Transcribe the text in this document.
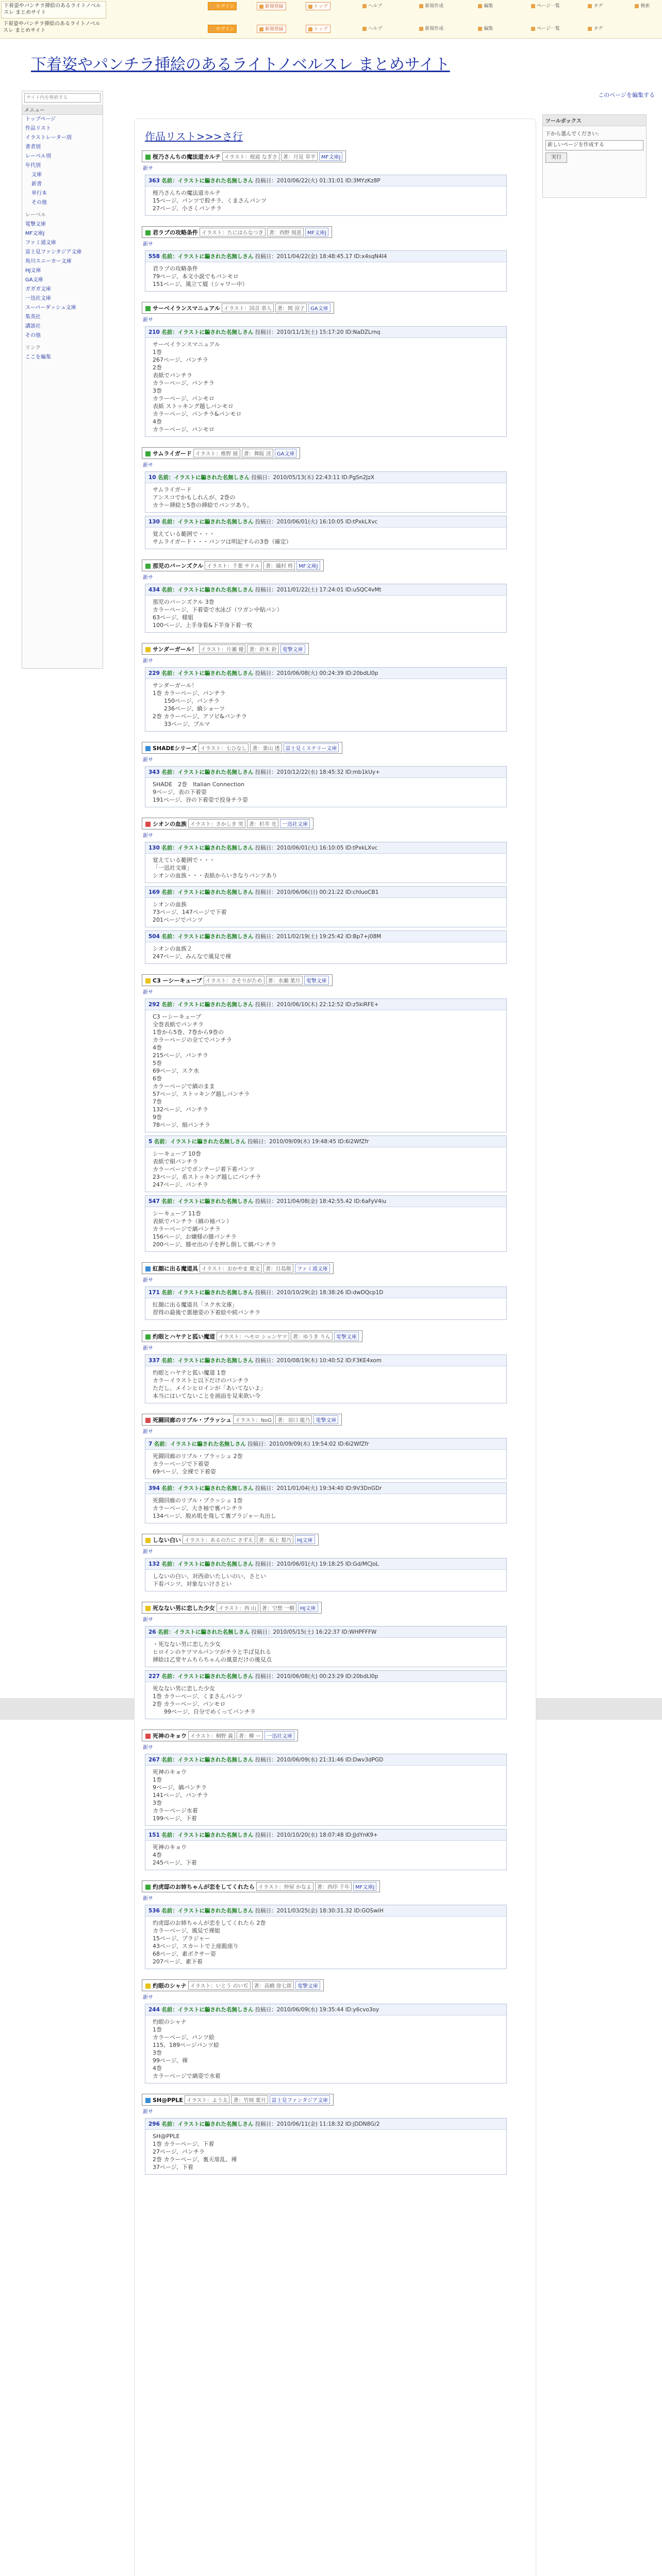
下着姿やパンチラ挿絵のあるライトノベルスレ まとめサイト
下着姿やパンチラ挿絵のあるライトノベルスレ まとめサイト
ログイン	新規登録	トップ	ヘルプ	新規作成	編集	ページ一覧	タグ	検索
ログイン	新規登録	トップ	ヘルプ	新規作成	編集	ページ一覧	タグ
下着姿やパンチラ挿絵のあるライトノベルスレ まとめサイト
このページを編集する
サイト内を検索する
メニュー
トップページ
作品リスト
イラストレーター別
著者別
レーベル別
年代別
文庫
新書
単行本
その他
レーベル
電撃文庫
MF文庫J
ファミ通文庫
富士見ファンタジア文庫
角川スニーカー文庫
HJ文庫
GA文庫
ガガガ文庫
一迅社文庫
スーパーダッシュ文庫
集英社
講談社
その他
リンク
ここを編集
ツールボックス
下から選んでください:
新しいページを作成する
実行
作品リスト>>>さ行
桜乃さんちの魔法道カルテ イラスト：桜庭 なぎさ 著：月見 草平 MF文庫J
新サ
363 名前：イラストに騙された名無しさん 投稿日：2010/06/22(火) 01:31:01 ID:3MYzKz8P
桜乃さんちの魔法道カルテ
15ページ、パンツで股チラ、くまさんパンツ
27ページ、小さくパンチラ
君ラブの攻略条件 イラスト：たにはらなつき 著：西野 規恵 MF文庫J
新サ
558 名前：イラストに騙された名無しさん 投稿日：2011/04/22(金) 18:48:45.17 ID:x4sqN4I4
君ラブの攻略条件
79ページ、本文小説でもパンモロ
151ページ、風立て縦（シャワー中）
サーベイランスマニュアル イラスト：国音 恭人 著：関 涼子 GA文庫
新サ
210 名前：イラストに騙された名無しさん 投稿日：2010/11/13(土) 15:17:20 ID:NaDZLrnq
サーベイランスマニュアル
1巻
267ページ、パンチラ
2巻
表紙でパンチラ
カラーページ、パンチラ
3巻
カラーページ、パンモロ
表紙 ストッキング越しパンモロ
カラーページ、パンチラ&パンモロ
4巻
カラーページ、パンモロ
サムライガード イラスト：椎野 綾 著：舞阪 洸 GA文庫
新サ
10 名前：イラストに騙された名無しさん 投稿日：2010/05/13(木) 22:43:11 ID:PgSn2JzX
サムライガード
アンスコでかもしれんが、2巻の
カラー挿絵と5巻の挿絵でパンツあり。
130 名前：イラストに騙された名無しさん 投稿日：2010/06/01(火) 16:10:05 ID:tPxkLXvc
覚えている範囲で・・・
サムライガード・・・パンツは明記すらの3巻（確定）
那児のバーンズクル イラスト：千葉 サドル 著：織村 柊 MF文庫J
新サ
434 名前：イラストに騙された名無しさん 投稿日：2011/01/22(土) 17:24:01 ID:uSQC4vMt
那児のバーンズクル 3巻
カラーページ、下着姿で水泳び（ワガン中貼パン）
63ページ、様姐
100ページ、上手身看&下半身下着一枚
サンダーガール！ イラスト：片瀬 優 著：鈴木 鈴 電撃文庫
新サ
229 名前：イラストに騙された名無しさん 投稿日：2010/06/08(火) 00:24:39 ID:20bdLl0p
サンダーガール！
1巻 カラーページ、パンチラ
　　150ページ、パンチラ
　　236ページ、縞ショーツ
2巻 カラーページ、アソビ&パンチラ
　　33ページ、ブルマ
SHADEシリーズ イラスト：七ひなし 著：葉山 透 富士見ミステリー文庫
新サ
343 名前：イラストに騙された名無しさん 投稿日：2010/12/22(水) 18:45:32 ID:mb1kUy+
SHADE　2巻　Italian Connection
9ページ、表の下着姿
191ページ、谷の下着姿で投身チラ姿
シオンの血族 イラスト：さかしき 男 著：杉井 光 一迅社文庫
新サ
130 名前：イラストに騙された名無しさん 投稿日：2010/06/01(火) 16:10:05 ID:tPxkLXvc
覚えている範囲で・・・
「一迅社文庫」
シオンの血族・・・表紙からいきなりパンツあり
169 名前：イラストに騙された名無しさん 投稿日：2010/06/06(日) 00:21:22 ID:chIuoCB1
シオンの血族
73ページ、147ページで下着
201ページでパンツ
504 名前：イラストに騙された名無しさん 投稿日：2011/02/19(土) 19:25:42 ID:Bp7+j08M
シオンの血族２
247ページ、みんなで風見で裸
C3 ーシーキューブ イラスト：さそりがため 著：水瀬 葉月 電撃文庫
新サ
292 名前：イラストに騙された名無しさん 投稿日：2010/06/10(木) 22:12:52 ID:z5kiRFE+
C3 ーシーキューブ
全巻表紙でパンチラ
1巻から5巻、7巻から9巻の
カラーページの全てでパンチラ
4巻
215ページ、パンチラ
5巻
69ページ、スク水
6巻
カラーページで縞のまま
57ページ、ストッキング越しパンチラ
7巻
132ページ、パンチラ
9巻
78ページ、絹パンチラ
5 名前：イラストに騙された名無しさん 投稿日：2010/09/09(木) 19:48:45 ID:6i2WfZfr
シーキューブ 10巻
表紙で絹パンチラ
カラーページでポンテージ着下着パンツ
23ページ、系ストッキング越しにパンチラ
247ページ、パンチラ
547 名前：イラストに騙された名無しさん 投稿日：2011/04/08(金) 18:42:55.42 ID:6aFyV4iu
シーキューブ 11巻
表紙でパンチラ（縞の袖パン）
カラーページで縞パンチラ
156ページ、お嬢様の膝パンチラ
200ページ、膝せ出の子を押し倒して縞パンチラ
紅顔に出る魔道具 イラスト：おかやま 慶文 著：日島敬 ファミ通文庫
新サ
171 名前：イラストに騙された名無しさん 投稿日：2010/10/29(金) 18:38:26 ID:dwDQcp1D
紅顔に出る魔道具「スク水文庫」
習得の最後で悪徳姿の下着絵や続パンチラ
灼眼とハヤテと狐い魔道 イラスト：ヘモロ シュンヤマ 著：ゆうき りん 電撃文庫
新サ
337 名前：イラストに騙された名無しさん 投稿日：2010/08/19(木) 10:40:52 ID:F3KE4xom
灼眼とハヤテと狐い魔道 1巻
カラーイラストと以下だけのパンチラ
ただし、メインヒロインが「あいてないよ」
本当にはいてないことを画面を見来欲い今
死闘回廊のリブル・ブラッシュ イラスト：NoG 著：羽口 龍乃 電撃文庫
新サ
7 名前：イラストに騙された名無しさん 投稿日：2010/09/09(木) 19:54:02 ID:6i2WfZfr
死闘回廊のリブル・ブラッシュ 2巻
カラーページで下着姿
69ページ、全裸で下着姿
394 名前：イラストに騙された名無しさん 投稿日：2011/01/04(火) 19:34:40 ID:9V3DnGDr
死闘回廊のリブル・ブラッシュ 1巻
カラーページ、大き袖で裏パンチラ
134ページ、脱め肌を飛して裏ブラジャー丸出し
しない白い イラスト：あるのたに さずえ 著：坂上 梨乃 HJ文庫
新サ
132 名前：イラストに騙された名無しさん 投稿日：2010/06/01(火) 19:18:25 ID:Gd/MCJoL
しないの白い、対西命いたしいのい、さとい
下看パンツ、対象ないけさとい
死なない男に恋した少女 イラスト：西 山 著：空想 一樹 HJ文庫
新サ
26 名前：イラストに騙された名無しさん 投稿日：2010/05/15(土) 16:22:37 ID:WHPFFFW
・死なない男に恋した少女
ヒロインのケツマルパンツがチラと半ば見れる
挿絵は乙堂ヤムちらちゃんの風景だけの後見点

227 名前：イラストに騙された名無しさん 投稿日：2010/06/08(火) 00:23:29 ID:20bdLl0p
死なない男に恋した少女
1巻 カラーページ、くまさんパンツ
2巻 カラーページ、パンモロ
　　99ページ、自分でめくってパンチラ
死神のキョウ イラスト：桐野 義 著：柳 ー 一迅社文庫
新サ
267 名前：イラストに騙された名無しさん 投稿日：2010/06/09(水) 21:31:46 ID:Dwv3dPGD
死神のキョウ
1巻
9ページ、縞パンチラ
141ページ、パンチラ
3巻
カラーページ水着
199ページ、下着
151 名前：イラストに騙された名無しさん 投稿日：2010/10/20(水) 18:07:48 ID:JJdYnK9+
死神のキョウ
4巻
245ページ、下着
灼虎邸のお姉ちゃんが恋をしてくれたら イラスト：仲屋 かなよ 著：西印 千年 MF文庫J
新サ
536 名前：イラストに騙された名無しさん 投稿日：2011/03/25(金) 18:30:31.32 ID:GOSwiH
灼虎邸のお姉ちゃんが恋をしてくれたら 2巻
カラーページ、風見で裸姐
15ページ、ブラジャー
43ページ、スカートで上座跪座り
68ページ、素ボクサー姿
207ページ、素下着
灼眼のシャナ イラスト：いとう のいぢ 著：高橋 弥七郎 電撃文庫
新サ
244 名前：イラストに騙された名無しさん 投稿日：2010/06/09(水) 19:35:44 ID:y6cvo3oy
灼眼のシャナ
1巻
カラーページ、パンツ絵
115、189ページパンツ絵
3巻
99ページ、裸
4巻
カラーページで縞姿で水着
SH@PPLE イラスト：よう太 著：竹岡 葉月 富士見ファンタジア文庫
新サ
296 名前：イラストに騙された名無しさん 投稿日：2010/06/11(金) 11:18:32 ID:jDDN8G/2
SH@PPLE
1巻 カラーページ、下着
27ページ、パンチラ
2巻 カラーページ、裏天扉乱、裸
37ページ、下着
